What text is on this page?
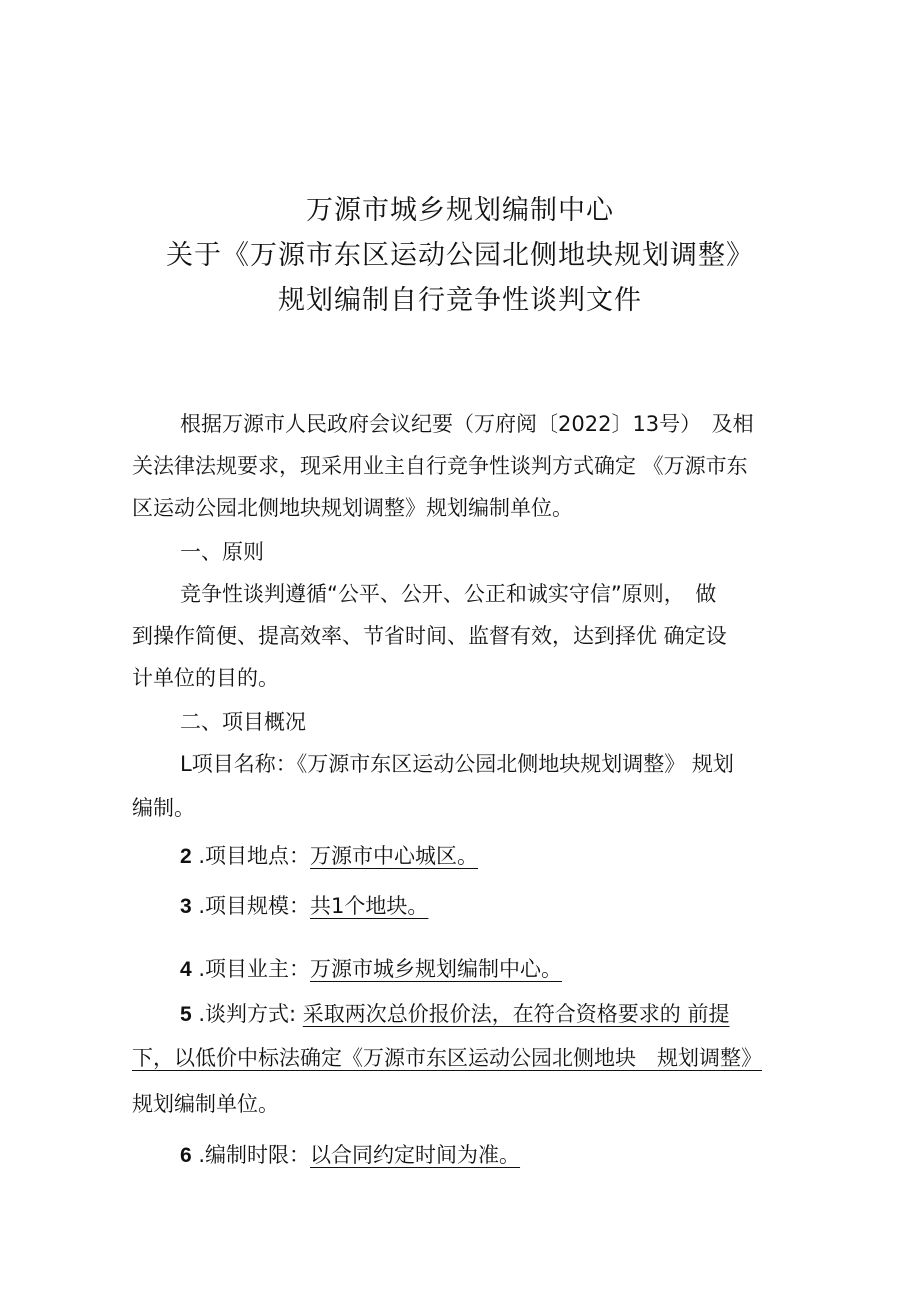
万源市城乡规划编制中心
关于《万源市东区运动公园北侧地块规划调整》
规划编制自行竞争性谈判文件
根据万源市人民政府会议纪要（万府阅〔2022〕13号）　及相
关法律法规要求，现采用业主自行竞争性谈判方式确定 《万源市东
区运动公园北侧地块规划调整》规划编制单位。
一、原则
竞争性谈判遵循“公平、公开、公正和诚实守信”原则，　做
到操作简便、提高效率、节省时间、监督有效，达到择优 确定设
计单位的目的。
二、项目概况
L项目名称：《万源市东区运动公园北侧地块规划调整》 规划
编制。
2 .项目地点：万源市中心城区。
3 .项目规模：共1个地块。
4 .项目业主：万源市城乡规划编制中心。
5 .谈判方式: 采取两次总价报价法，在符合资格要求的 前提
下，以低价中标法确定《万源市东区运动公园北侧地块　规划调整》
规划编制单位。
6 .编制时限：以合同约定时间为准。
